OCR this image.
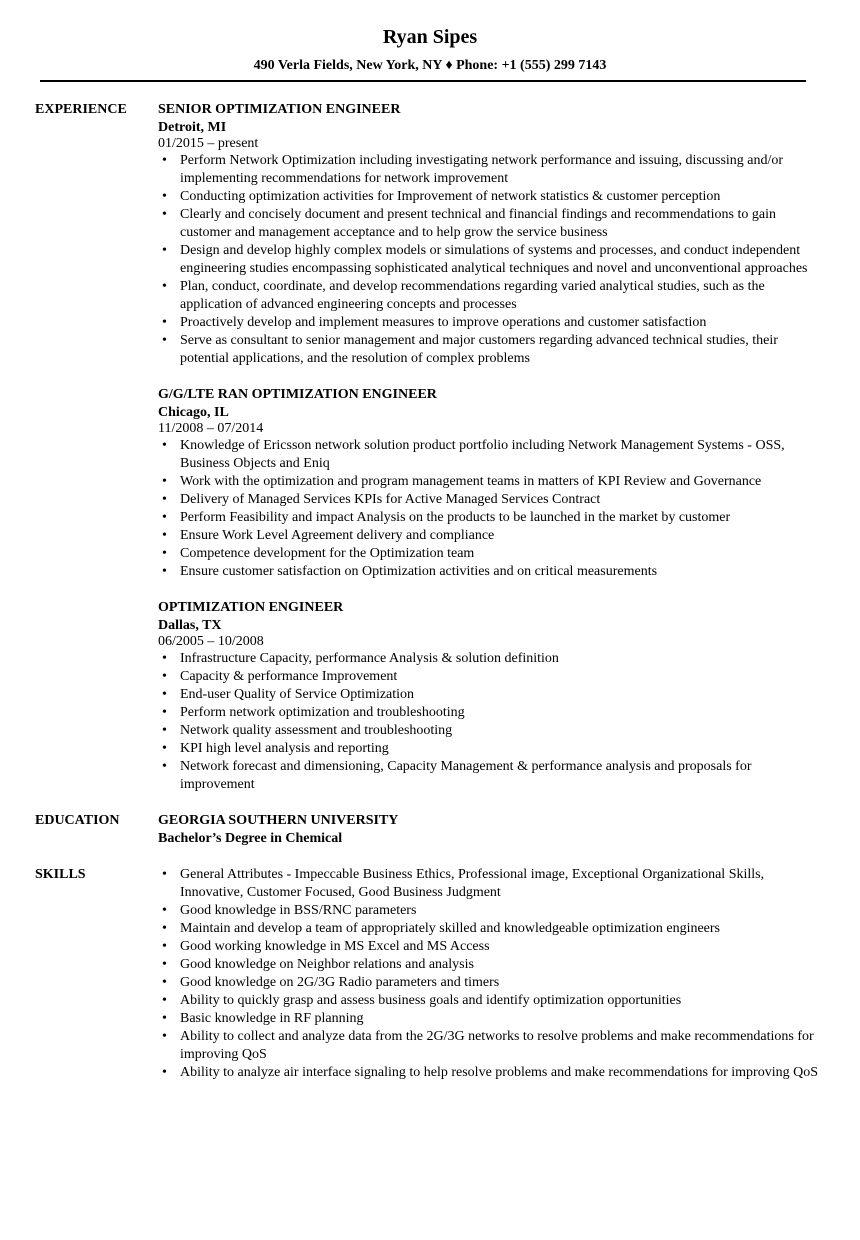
Ryan Sipes
490 Verla Fields, New York, NY ♦ Phone: +1 (555) 299 7143
EXPERIENCE	SENIOR OPTIMIZATION ENGINEER
Detroit, MI
01/2015 – present
• Perform Network Optimization including investigating network performance and issuing, discussing and/or implementing recommendations for network improvement
• Conducting optimization activities for Improvement of network statistics & customer perception
• Clearly and concisely document and present technical and financial findings and recommendations to gain customer and management acceptance and to help grow the service business
• Design and develop highly complex models or simulations of systems and processes, and conduct independent engineering studies encompassing sophisticated analytical techniques and novel and unconventional approaches
• Plan, conduct, coordinate, and develop recommendations regarding varied analytical studies, such as the application of advanced engineering concepts and processes
• Proactively develop and implement measures to improve operations and customer satisfaction
• Serve as consultant to senior management and major customers regarding advanced technical studies, their potential applications, and the resolution of complex problems
G/G/LTE RAN OPTIMIZATION ENGINEER
Chicago, IL
11/2008 – 07/2014
• Knowledge of Ericsson network solution product portfolio including Network Management Systems - OSS, Business Objects and Eniq
• Work with the optimization and program management teams in matters of KPI Review and Governance
• Delivery of Managed Services KPIs for Active Managed Services Contract
• Perform Feasibility and impact Analysis on the products to be launched in the market by customer
• Ensure Work Level Agreement delivery and compliance
• Competence development for the Optimization team
• Ensure customer satisfaction on Optimization activities and on critical measurements
OPTIMIZATION ENGINEER
Dallas, TX
06/2005 – 10/2008
• Infrastructure Capacity, performance Analysis & solution definition
• Capacity & performance Improvement
• End-user Quality of Service Optimization
• Perform network optimization and troubleshooting
• Network quality assessment and troubleshooting
• KPI high level analysis and reporting
• Network forecast and dimensioning, Capacity Management & performance analysis and proposals for improvement
EDUCATION	GEORGIA SOUTHERN UNIVERSITY
Bachelor’s Degree in Chemical
SKILLS
•	General Attributes - Impeccable Business Ethics, Professional image, Exceptional Organizational Skills, Innovative, Customer Focused, Good Business Judgment
• Good knowledge in BSS/RNC parameters
• Maintain and develop a team of appropriately skilled and knowledgeable optimization engineers
• Good working knowledge in MS Excel and MS Access
• Good knowledge on Neighbor relations and analysis
• Good knowledge on 2G/3G Radio parameters and timers
• Ability to quickly grasp and assess business goals and identify optimization opportunities
• Basic knowledge in RF planning
• Ability to collect and analyze data from the 2G/3G networks to resolve problems and make recommendations for improving QoS
• Ability to analyze air interface signaling to help resolve problems and make recommendations for improving QoS
